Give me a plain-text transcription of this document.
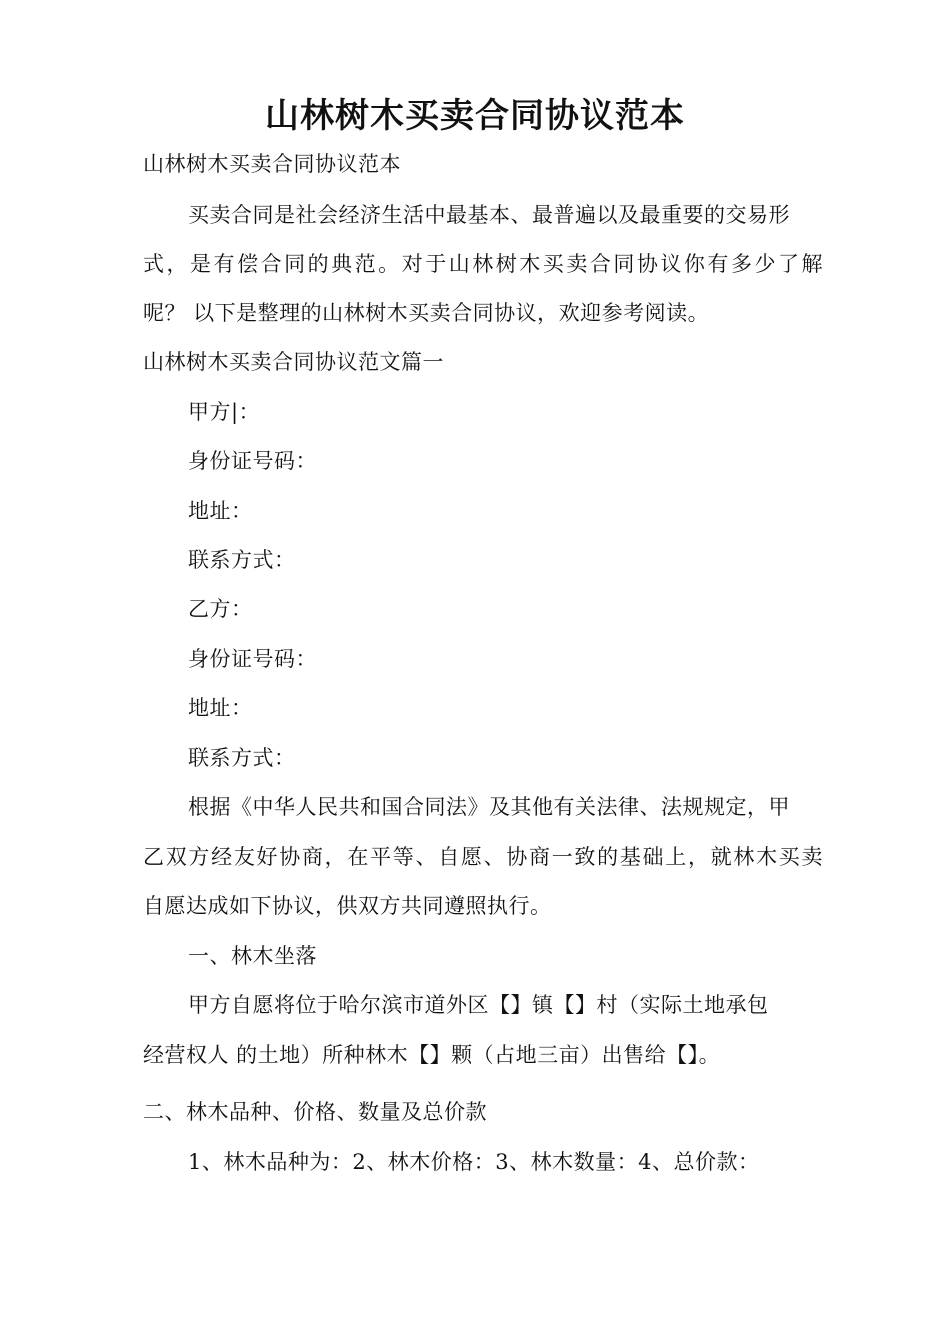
山林树木买卖合同协议范本

山林树木买卖合同协议范本

买卖合同是社会经济生活中最基本、最普遍以及最重要的交易形

式，是有偿合同的典范。对于山林树木买卖合同协议你有多少了解

呢？ 以下是整理的山林树木买卖合同协议，欢迎参考阅读。

山林树木买卖合同协议范文篇一

甲方|：

身份证号码：

地址：

联系方式：

乙方：

身份证号码：

地址：

联系方式：

根据《中华人民共和国合同法》及其他有关法律、法规规定，甲

乙双方经友好协商，在平等、自愿、协商一致的基础上，就林木买卖

自愿达成如下协议，供双方共同遵照执行。

一、林木坐落

甲方自愿将位于哈尔滨市道外区【】镇【】村（实际土地承包

经营权人 的土地）所种林木【】颗（占地三亩）出售给【】。

二、林木品种、价格、数量及总价款

1、林木品种为：2、林木价格：3、林木数量：4、总价款：
